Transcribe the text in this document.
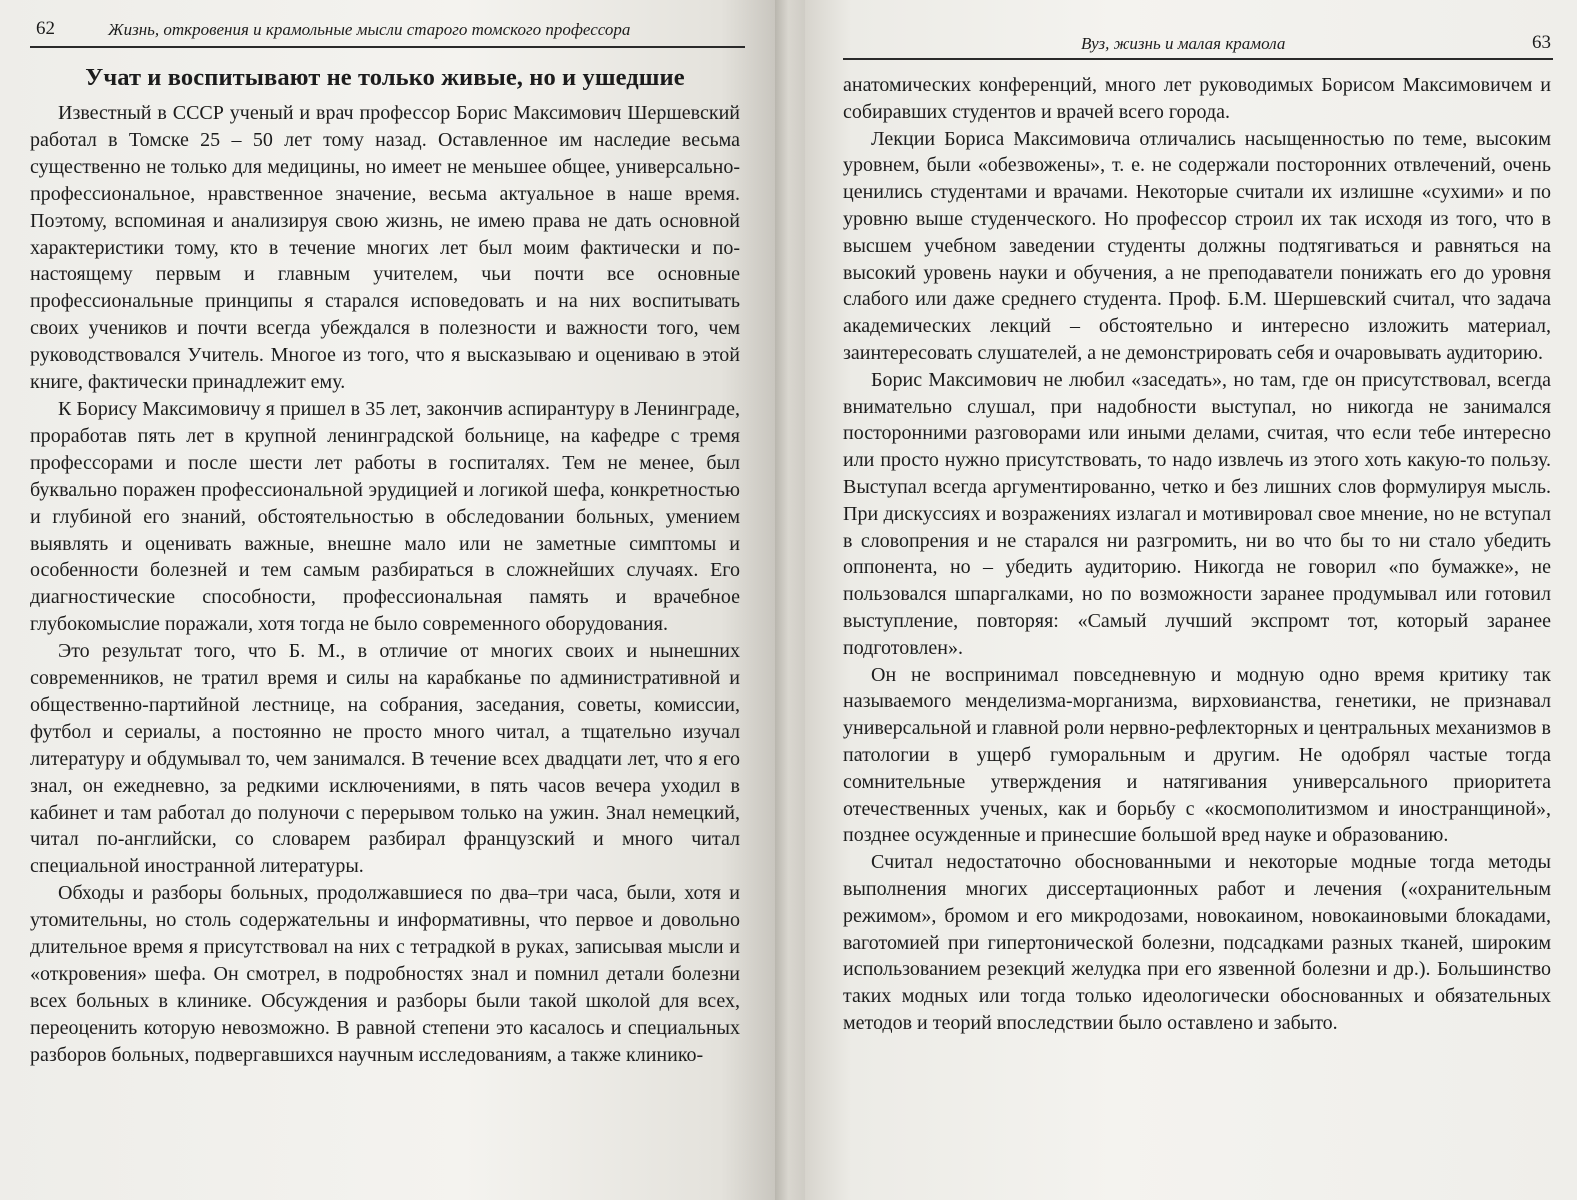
62	Жизнь, откровения и крамольные мысли старого томского профессора
Учат и воспитывают не только живые, но и ушедшие

Известный в СССР ученый и врач профессор Борис Максимович Шершевский работал в Томске 25 – 50 лет тому назад. Оставленное им наследие весьма существенно не только для медицины, но имеет не меньшее общее, универсально-профессиональное, нравственное значение, весьма актуальное в наше время. Поэтому, вспоминая и анализируя свою жизнь, не имею права не дать основной характеристики тому, кто в течение многих лет был моим фактически и по-настоящему первым и главным учителем, чьи почти все основные профессиональные принципы я старался исповедовать и на них воспитывать своих учеников и почти всегда убеждался в полезности и важности того, чем руководствовался Учитель. Многое из того, что я высказываю и оцениваю в этой книге, фактически принадлежит ему.

К Борису Максимовичу я пришел в 35 лет, закончив аспирантуру в Ленинграде, проработав пять лет в крупной ленинградской больнице, на кафедре с тремя профессорами и после шести лет работы в госпиталях. Тем не менее, был буквально поражен профессиональной эрудицией и логикой шефа, конкретностью и глубиной его знаний, обстоятельностью в обследовании больных, умением выявлять и оценивать важные, внешне мало или не заметные симптомы и особенности болезней и тем самым разбираться в сложнейших случаях. Его диагностические способности, профессиональная память и врачебное глубокомыслие поражали, хотя тогда не было современного оборудования.

Это результат того, что Б. М., в отличие от многих своих и нынешних современников, не тратил время и силы на карабканье по административной и общественно-партийной лестнице, на собрания, заседания, советы, комиссии, футбол и сериалы, а постоянно не просто много читал, а тщательно изучал литературу и обдумывал то, чем занимался. В течение всех двадцати лет, что я его знал, он ежедневно, за редкими исключениями, в пять часов вечера уходил в кабинет и там работал до полуночи с перерывом только на ужин. Знал немецкий, читал по-английски, со словарем разбирал французский и много читал специальной иностранной литературы.

Обходы и разборы больных, продолжавшиеся по два–три часа, были, хотя и утомительны, но столь содержательны и информативны, что первое и довольно длительное время я присутствовал на них с тетрадкой в руках, записывая мысли и «откровения» шефа. Он смотрел, в подробностях знал и помнил детали болезни всех больных в клинике. Обсуждения и разборы были такой школой для всех, переоценить которую невозможно. В равной степени это касалось и специальных разборов больных, подвергавшихся научным исследованиям, а также клинико-

Вуз, жизнь и малая крамола	63

анатомических конференций, много лет руководимых Борисом Максимовичем и собиравших студентов и врачей всего города.

Лекции Бориса Максимовича отличались насыщенностью по теме, высоким уровнем, были «обезвожены», т. е. не содержали посторонних отвлечений, очень ценились студентами и врачами. Некоторые считали их излишне «сухими» и по уровню выше студенческого. Но профессор строил их так исходя из того, что в высшем учебном заведении студенты должны подтягиваться и равняться на высокий уровень науки и обучения, а не преподаватели понижать его до уровня слабого или даже среднего студента. Проф. Б.М. Шершевский считал, что задача академических лекций – обстоятельно и интересно изложить материал, заинтересовать слушателей, а не демонстрировать себя и очаровывать аудиторию.

Борис Максимович не любил «заседать», но там, где он присутствовал, всегда внимательно слушал, при надобности выступал, но никогда не занимался посторонними разговорами или иными делами, считая, что если тебе интересно или просто нужно присутствовать, то надо извлечь из этого хоть какую-то пользу. Выступал всегда аргументированно, четко и без лишних слов формулируя мысль. При дискуссиях и возражениях излагал и мотивировал свое мнение, но не вступал в словопрения и не старался ни разгромить, ни во что бы то ни стало убедить оппонента, но – убедить аудиторию. Никогда не говорил «по бумажке», не пользовался шпаргалками, но по возможности заранее продумывал или готовил выступление, повторяя: «Самый лучший экспромт тот, который заранее подготовлен».

Он не воспринимал повседневную и модную одно время критику так называемого менделизма-морганизма, вирховианства, генетики, не признавал универсальной и главной роли нервно-рефлекторных и центральных механизмов в патологии в ущерб гуморальным и другим. Не одобрял частые тогда сомнительные утверждения и натягивания универсального приоритета отечественных ученых, как и борьбу с «космополитизмом и иностранщиной», позднее осужденные и принесшие большой вред науке и образованию.

Считал недостаточно обоснованными и некоторые модные тогда методы выполнения многих диссертационных работ и лечения («охранительным режимом», бромом и его микродозами, новокаином, новокаиновыми блокадами, ваготомией при гипертонической болезни, подсадками разных тканей, широким использованием резекций желудка при его язвенной болезни и др.). Большинство таких модных или тогда только идеологически обоснованных и обязательных методов и теорий впоследствии было оставлено и забыто.
